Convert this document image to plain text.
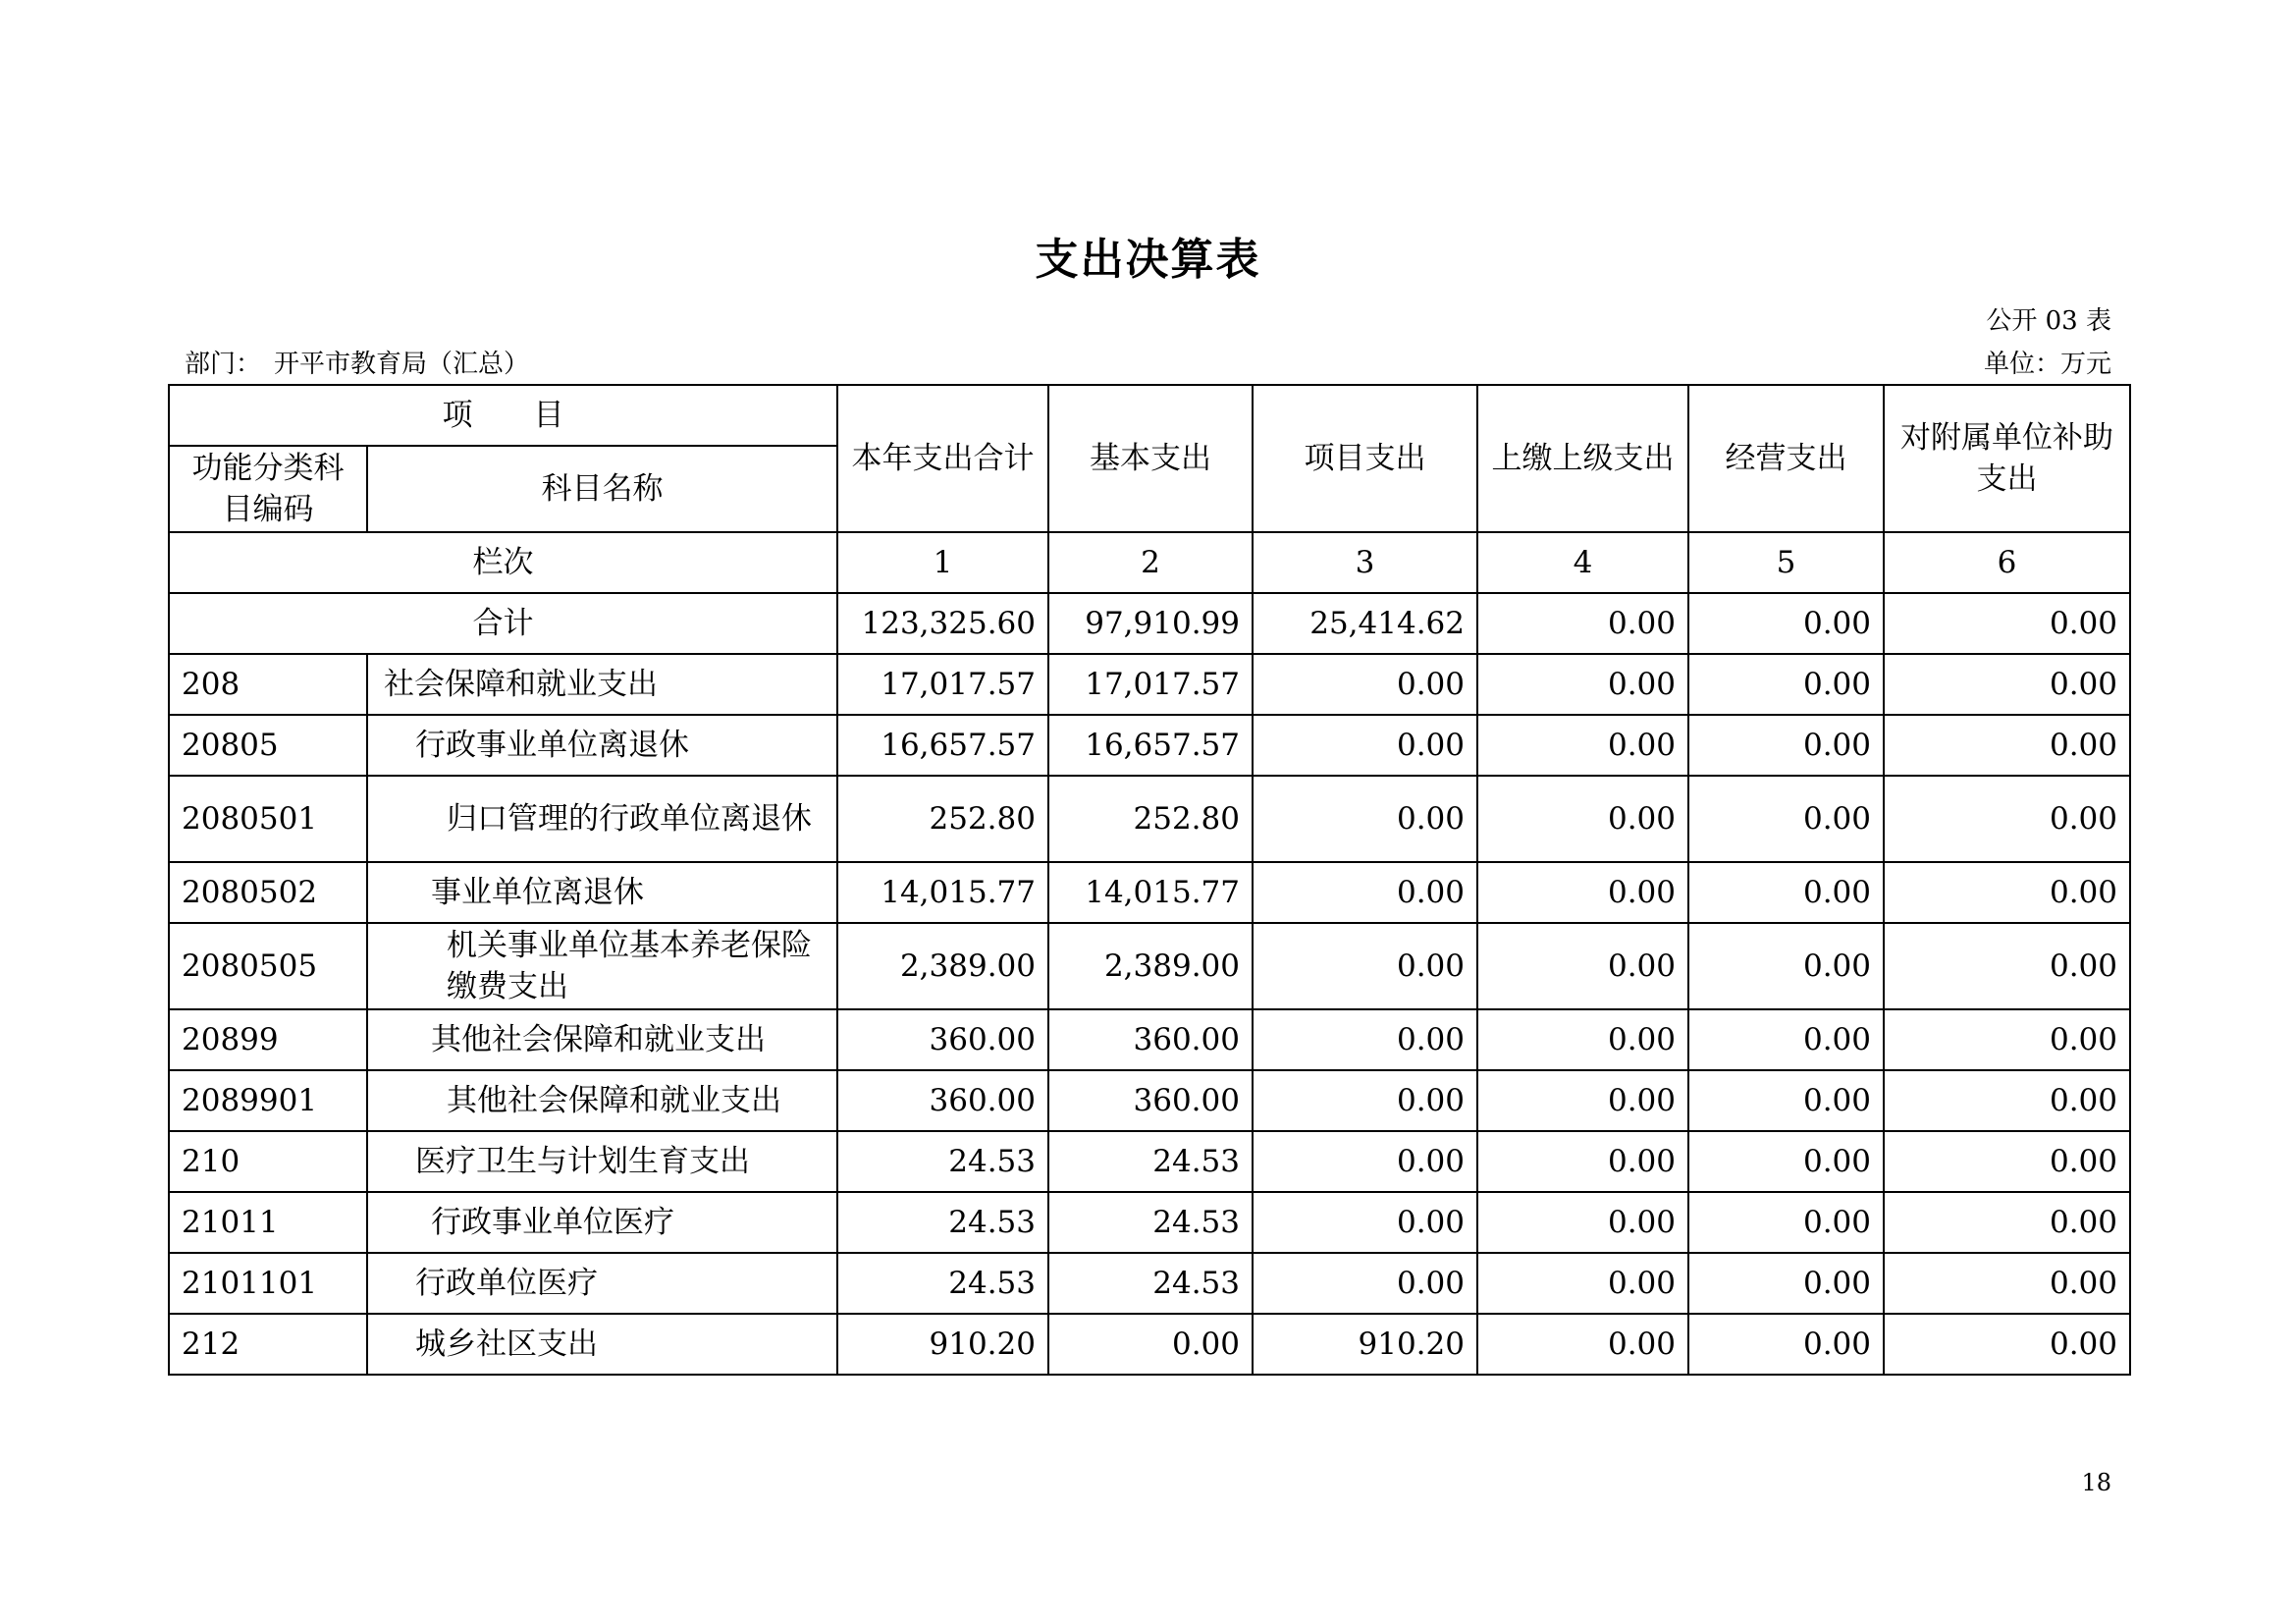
支出决算表
公开 03 表
部门：　开平市教育局（汇总）	单位：万元
项　　目		本年支出合计	基本支出	项目支出	上缴上级支出	经营支出	对附属单位补助支出
功能分类科目编码	科目名称						
栏次		1	2	3	4	5	6
合计		123,325.60	97,910.99	25,414.62	0.00	0.00	0.00
208	社会保障和就业支出	17,017.57	17,017.57	0.00	0.00	0.00	0.00
20805	行政事业单位离退休	16,657.57	16,657.57	0.00	0.00	0.00	0.00
2080501	归口管理的行政单位离退休	252.80	252.80	0.00	0.00	0.00	0.00
2080502	事业单位离退休	14,015.77	14,015.77	0.00	0.00	0.00	0.00
2080505	机关事业单位基本养老保险缴费支出	2,389.00	2,389.00	0.00	0.00	0.00	0.00
20899	其他社会保障和就业支出	360.00	360.00	0.00	0.00	0.00	0.00
2089901	其他社会保障和就业支出	360.00	360.00	0.00	0.00	0.00	0.00
210	医疗卫生与计划生育支出	24.53	24.53	0.00	0.00	0.00	0.00
21011	行政事业单位医疗	24.53	24.53	0.00	0.00	0.00	0.00
2101101	行政单位医疗	24.53	24.53	0.00	0.00	0.00	0.00
212	城乡社区支出	910.20	0.00	910.20	0.00	0.00	0.00
18
